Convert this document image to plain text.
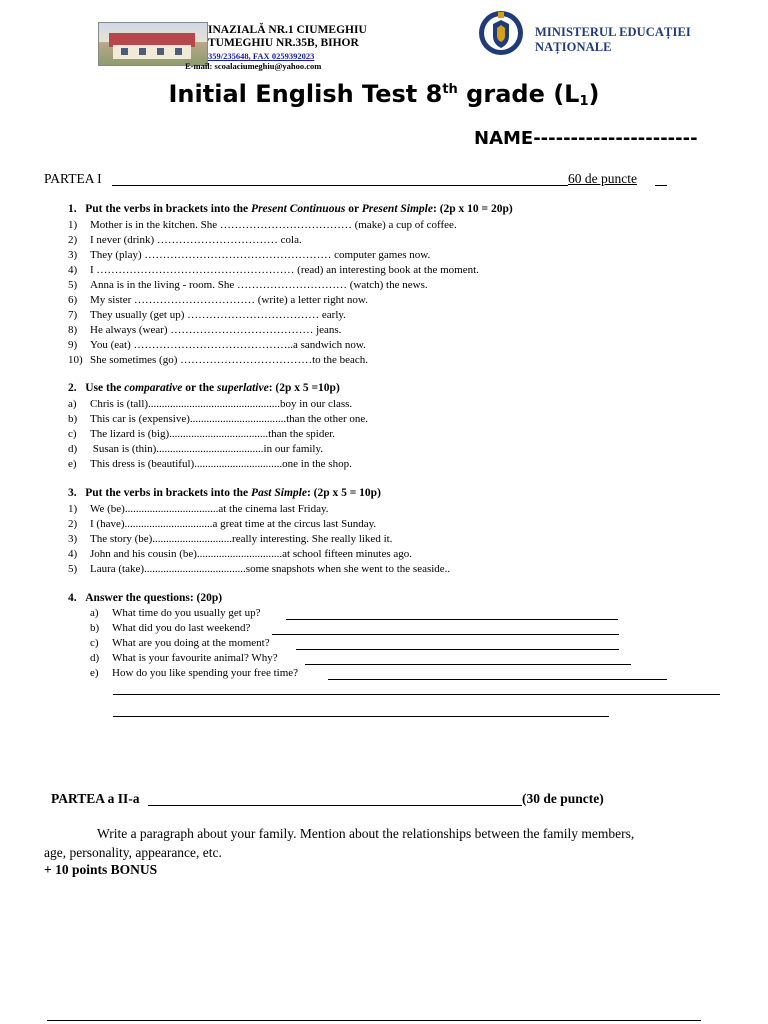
INAZIALĂ NR.1 CIUMEGHIU
TUMEGHIU NR.35B, BIHOR
359/235648, FAX 0259392023
E-mail: scoalaciumeghiu@yahoo.com
MINISTERUL EDUCAȚIEI NAȚIONALE
Initial English Test 8th grade $(L_1)$
NAME----------------------
PARTEA I	60 de puncte
1.   Put the verbs in brackets into the Present Continuous or Present Simple: (2p x 10 = 20p)
1) Mother is in the kitchen. She ……………………………… (make) a cup of coffee.
2) I never (drink) …………………………… cola.
3) They (play) …………………………………………… computer games now.
4) I ……………………………………………… (read) an interesting book at the moment.
5) Anna is in the living - room. She ………………………… (watch) the news.
6) My sister …………………………… (write) a letter right now.
7) They usually (get up) ……………………………… early.
8) He always (wear) ………………………………… jeans.
9) You (eat) ……………………………………..a sandwich now.
10) She sometimes (go) ………………………………to the beach.
2.   Use the comparative or the superlative: (2p x 5 =10p)
a) Chris is (tall)................................................boy in our class.
b) This car is (expensive)...................................than the other one.
c) The lizard is (big)....................................than the spider.
d) Susan is (thin).......................................in our family.
e) This dress is (beautiful)................................one in the shop.
3.   Put the verbs in brackets into the Past Simple: (2p x 5 = 10p)
1) We (be)..................................at the cinema last Friday.
2) I (have)................................a great time at the circus last Sunday.
3) The story (be).............................really interesting. She really liked it.
4) John and his cousin (be)...............................at school fifteen minutes ago.
5) Laura (take).....................................some snapshots when she went to the seaside..
4.   Answer the questions: (20p)
a) What time do you usually get up?
b) What did you do last weekend?
c) What are you doing at the moment?
d) What is your favourite animal? Why?
e) How do you like spending your free time?
PARTEA a II-a	(30 de puncte)
Write a paragraph about your family. Mention about the relationships between the family members,
age, personality, appearance, etc.
+ 10 points BONUS
